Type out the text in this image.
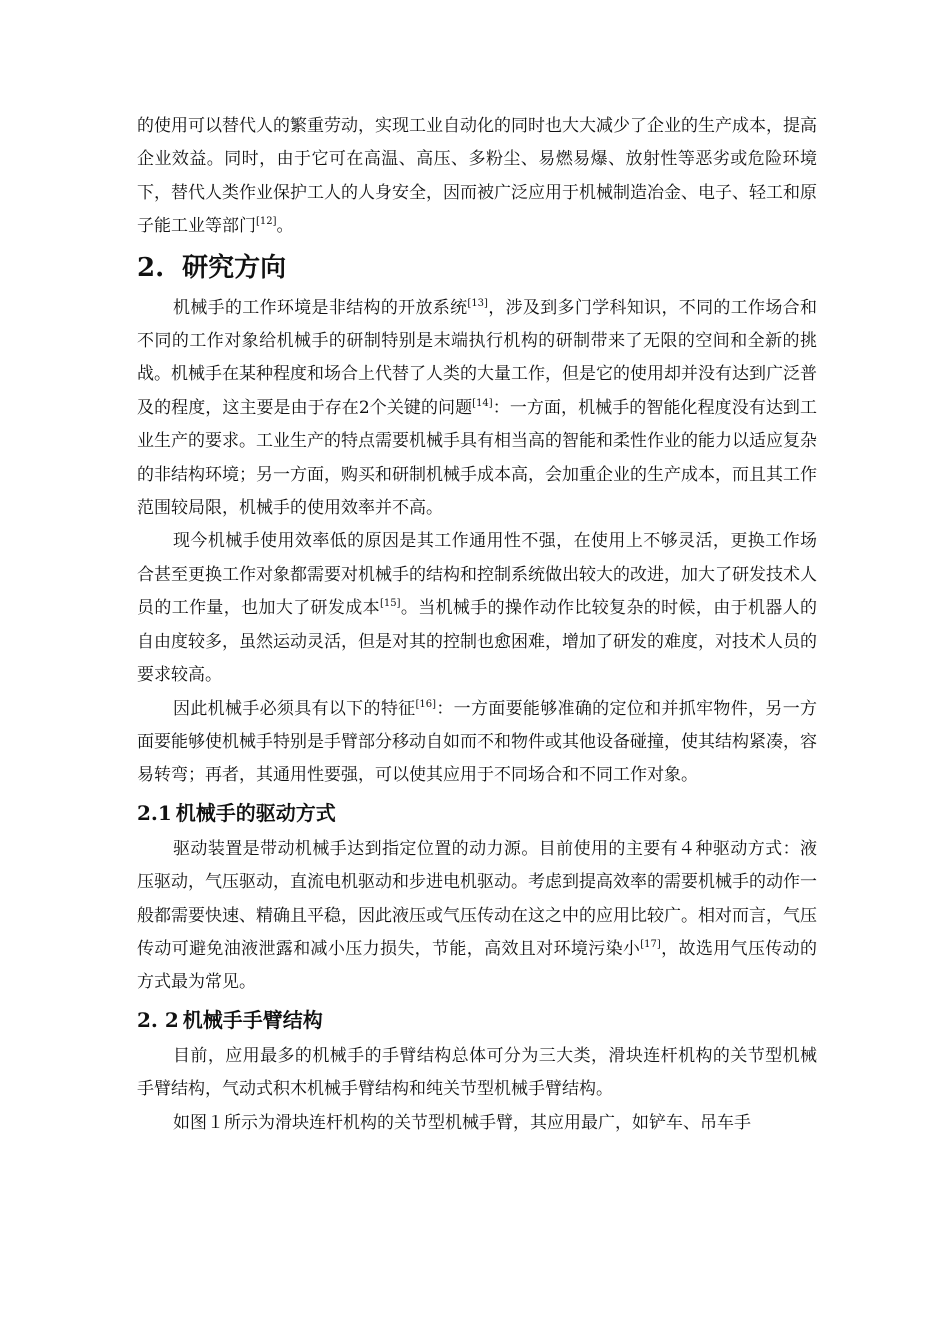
的使用可以替代人的繁重劳动，实现工业自动化的同时也大大减少了企业的生产成本，提高企业效益。同时，由于它可在高温、高压、多粉尘、易燃易爆、放射性等恶劣或危险环境下，替代人类作业保护工人的人身安全，因而被广泛应用于机械制造冶金、电子、轻工和原子能工业等部门[12]。

2. 研究方向

机械手的工作环境是非结构的开放系统[13]，涉及到多门学科知识，不同的工作场合和不同的工作对象给机械手的研制特别是末端执行机构的研制带来了无限的空间和全新的挑战。机械手在某种程度和场合上代替了人类的大量工作，但是它的使用却并没有达到广泛普及的程度，这主要是由于存在2个关键的问题[14]：一方面，机械手的智能化程度没有达到工业生产的要求。工业生产的特点需要机械手具有相当高的智能和柔性作业的能力以适应复杂的非结构环境；另一方面，购买和研制机械手成本高，会加重企业的生产成本，而且其工作范围较局限，机械手的使用效率并不高。

现今机械手使用效率低的原因是其工作通用性不强，在使用上不够灵活，更换工作场合甚至更换工作对象都需要对机械手的结构和控制系统做出较大的改进，加大了研发技术人员的工作量，也加大了研发成本[15]。当机械手的操作动作比较复杂的时候，由于机器人的自由度较多，虽然运动灵活，但是对其的控制也愈困难，增加了研发的难度，对技术人员的要求较高。

因此机械手必须具有以下的特征[16]：一方面要能够准确的定位和并抓牢物件，另一方面要能够使机械手特别是手臂部分移动自如而不和物件或其他设备碰撞，使其结构紧凑，容易转弯；再者，其通用性要强，可以使其应用于不同场合和不同工作对象。

2.1 机械手的驱动方式

驱动装置是带动机械手达到指定位置的动力源。目前使用的主要有４种驱动方式：液压驱动，气压驱动，直流电机驱动和步进电机驱动。考虑到提高效率的需要机械手的动作一般都需要快速、精确且平稳，因此液压或气压传动在这之中的应用比较广。相对而言，气压传动可避免油液泄露和减小压力损失，节能，高效且对环境污染小[17]，故选用气压传动的方式最为常见。

2. 2 机械手手臂结构

目前，应用最多的机械手的手臂结构总体可分为三大类，滑块连杆机构的关节型机械手臂结构，气动式积木机械手臂结构和纯关节型机械手臂结构。

如图１所示为滑块连杆机构的关节型机械手臂，其应用最广，如铲车、吊车手
